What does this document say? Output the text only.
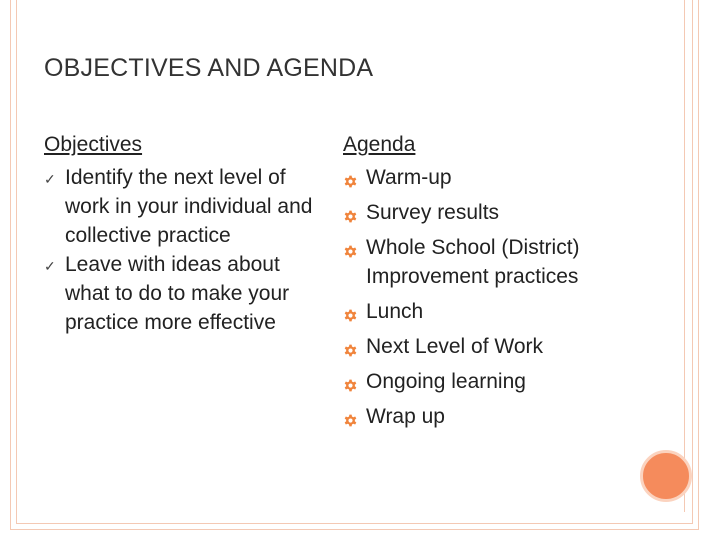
OBJECTIVES AND AGENDA
Objectives
✓ Identify the next level of work in your individual and collective practice
✓ Leave with ideas about what to do to make your practice more effective
Agenda
Warm-up
Survey results
Whole School (District) Improvement practices
Lunch
Next Level of Work
Ongoing learning
Wrap up
